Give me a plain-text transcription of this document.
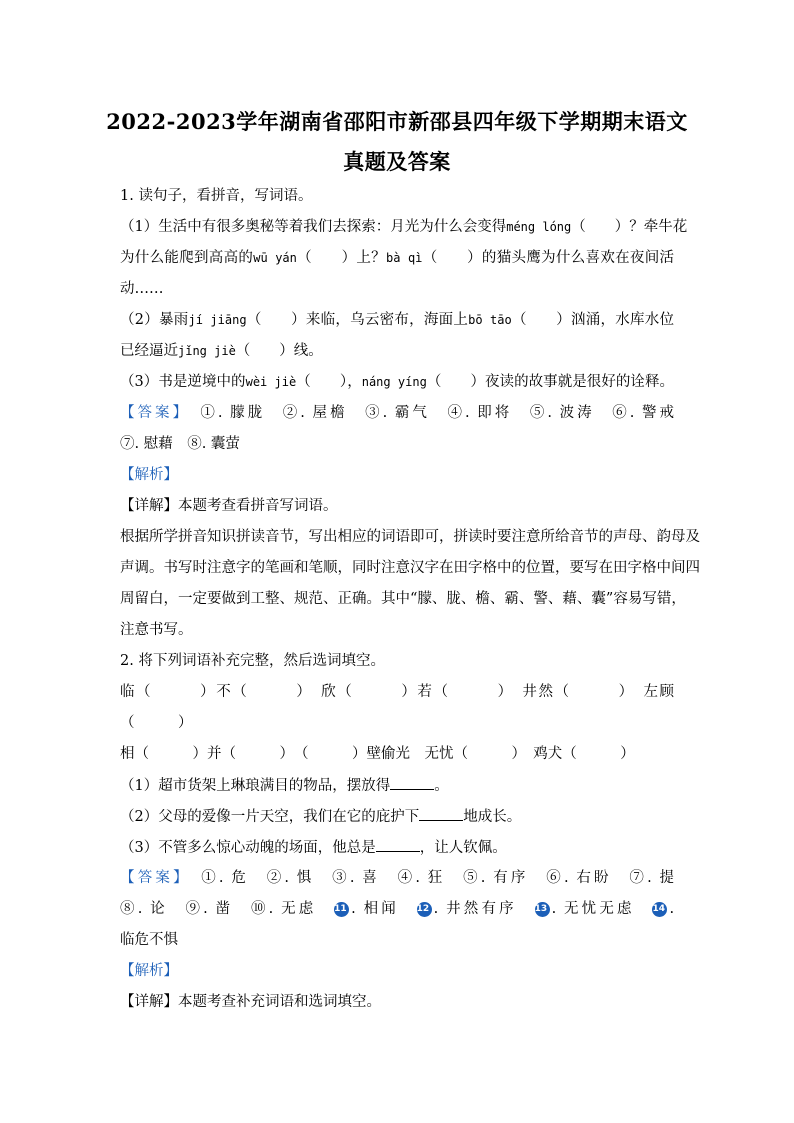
2022-2023学年湖南省邵阳市新邵县四年级下学期期末语文
真题及答案
1. 读句子，看拼音，写词语。
（1）生活中有很多奥秘等着我们去探索：月光为什么会变得méng lóng（　　）？牵牛花
为什么能爬到高高的wū yán（　　）上？bà qì（　　）的猫头鹰为什么喜欢在夜间活
动……
（2）暴雨jí jiāng（　　）来临，乌云密布，海面上bō tāo（　　）汹涌，水库水位
已经逼近jǐng jiè（　　）线。
（3）书是逆境中的wèi jiè（　　），náng yíng（　　）夜读的故事就是很好的诠释。
【答案】　 ①. 朦胧　②. 屋檐　③. 霸气　④. 即将　⑤. 波涛　⑥. 警戒
⑦. 慰藉　⑧. 囊萤
【解析】
【详解】本题考查看拼音写词语。
根据所学拼音知识拼读音节，写出相应的词语即可，拼读时要注意所给音节的声母、韵母及
声调。书写时注意字的笔画和笔顺，同时注意汉字在田字格中的位置，要写在田字格中间四
周留白，一定要做到工整、规范、正确。其中“朦、胧、檐、霸、警、藉、囊”容易写错，
注意书写。
2. 将下列词语补充完整，然后选词填空。
临（　　　）不（　　　）　欣（　　　）若（　　　）　井然（　　　）　左顾
（　　　）
相（　　　）并（　　　）　（　　　）壁偷光　无忧（　　　）　鸡犬（　　　）
（1）超市货架上琳琅满目的物品，摆放得	。
（2）父母的爱像一片天空，我们在它的庇护下	地成长。
（3）不管多么惊心动魄的场面，他总是	，让人钦佩。
【答案】　 ①. 危　②. 惧　③. 喜　④. 狂　⑤. 有序　⑥. 右盼　⑦. 提
⑧. 论　⑨. 凿　⑩. 无虑　 11 . 相闻　 12 . 井然有序　 13 . 无忧无虑　 14 .
临危不惧
【解析】
【详解】本题考查补充词语和选词填空。
